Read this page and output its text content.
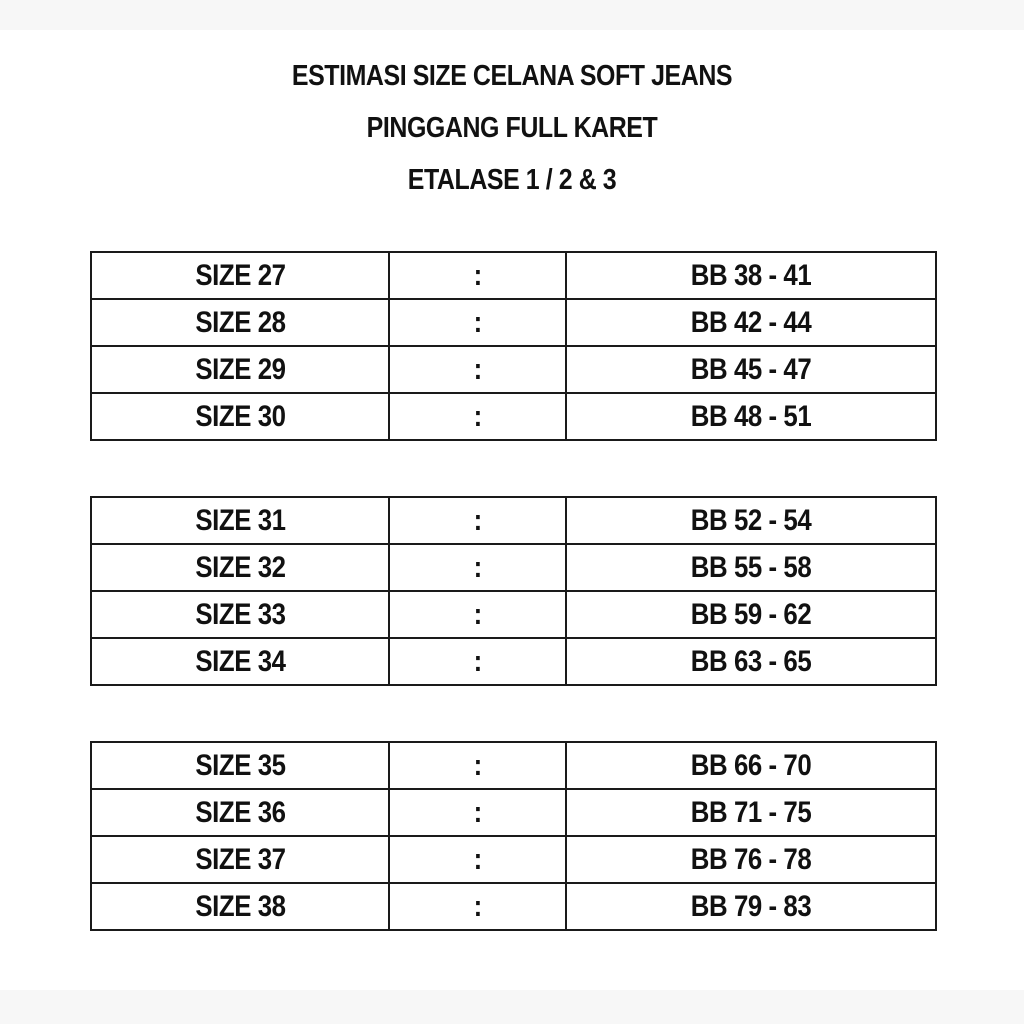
ESTIMASI SIZE CELANA SOFT JEANS
PINGGANG FULL KARET
ETALASE 1 / 2 & 3
SIZE 27	:	BB 38 - 41
SIZE 28	:	BB 42 - 44
SIZE 29	:	BB 45 - 47
SIZE 30	:	BB 48 - 51
SIZE 31	:	BB 52 - 54
SIZE 32	:	BB 55 - 58
SIZE 33	:	BB 59 - 62
SIZE 34	:	BB 63 - 65
SIZE 35	:	BB 66 - 70
SIZE 36	:	BB 71 - 75
SIZE 37	:	BB 76 - 78
SIZE 38	:	BB 79 - 83
